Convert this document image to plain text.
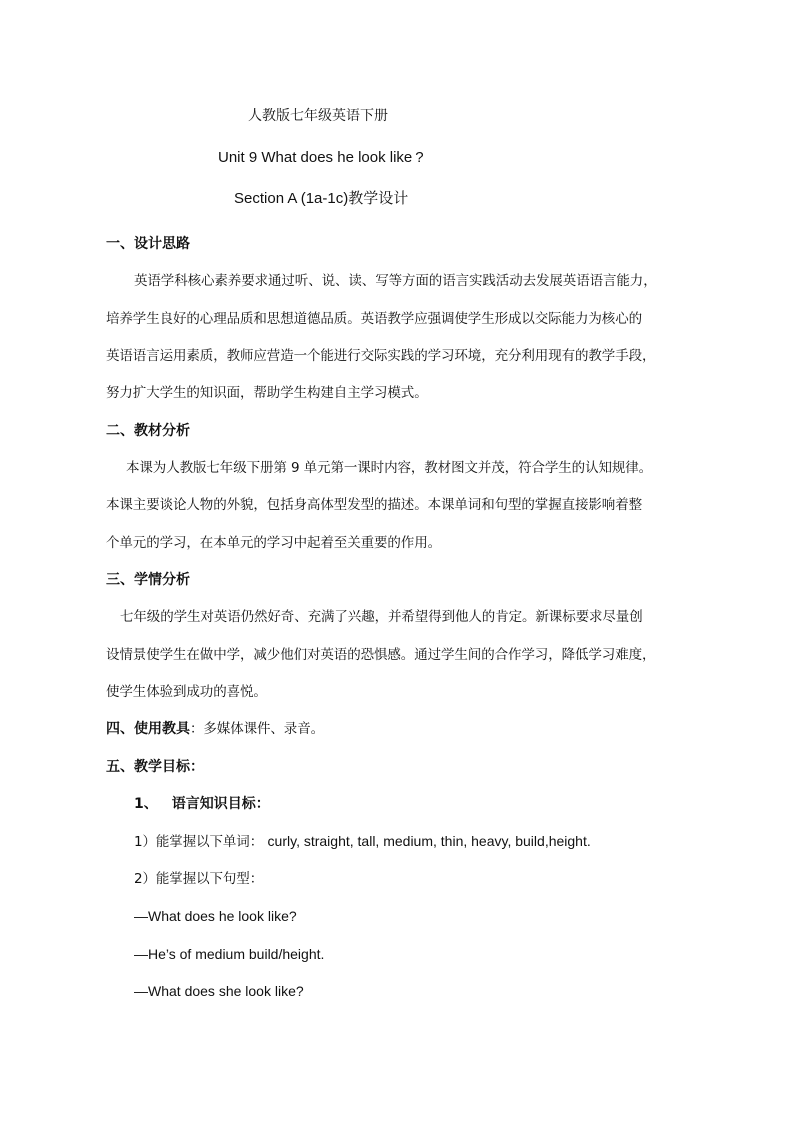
人教版七年级英语下册
Unit 9 What does he look like ?
Section A (1a-1c)教学设计
一、设计思路
英语学科核心素养要求通过听、说、读、写等方面的语言实践活动去发展英语语言能力，
培养学生良好的心理品质和思想道德品质。英语教学应强调使学生形成以交际能力为核心的
英语语言运用素质，教师应营造一个能进行交际实践的学习环境，充分利用现有的教学手段，
努力扩大学生的知识面，帮助学生构建自主学习模式。
二、教材分析
本课为人教版七年级下册第 9 单元第一课时内容，教材图文并茂，符合学生的认知规律。
本课主要谈论人物的外貌，包括身高体型发型的描述。本课单词和句型的掌握直接影响着整
个单元的学习，在本单元的学习中起着至关重要的作用。
三、学情分析
七年级的学生对英语仍然好奇、充满了兴趣，并希望得到他人的肯定。新课标要求尽量创
设情景使学生在做中学，减少他们对英语的恐惧感。通过学生间的合作学习，降低学习难度，
使学生体验到成功的喜悦。
四、使用教具：多媒体课件、录音。
五、教学目标：
1、 语言知识目标：
1）能掌握以下单词： curly, straight, tall, medium, thin, heavy, build,height.
2）能掌握以下句型：
—What does he look like?
—He’s of medium build/height.
—What does she look like?
